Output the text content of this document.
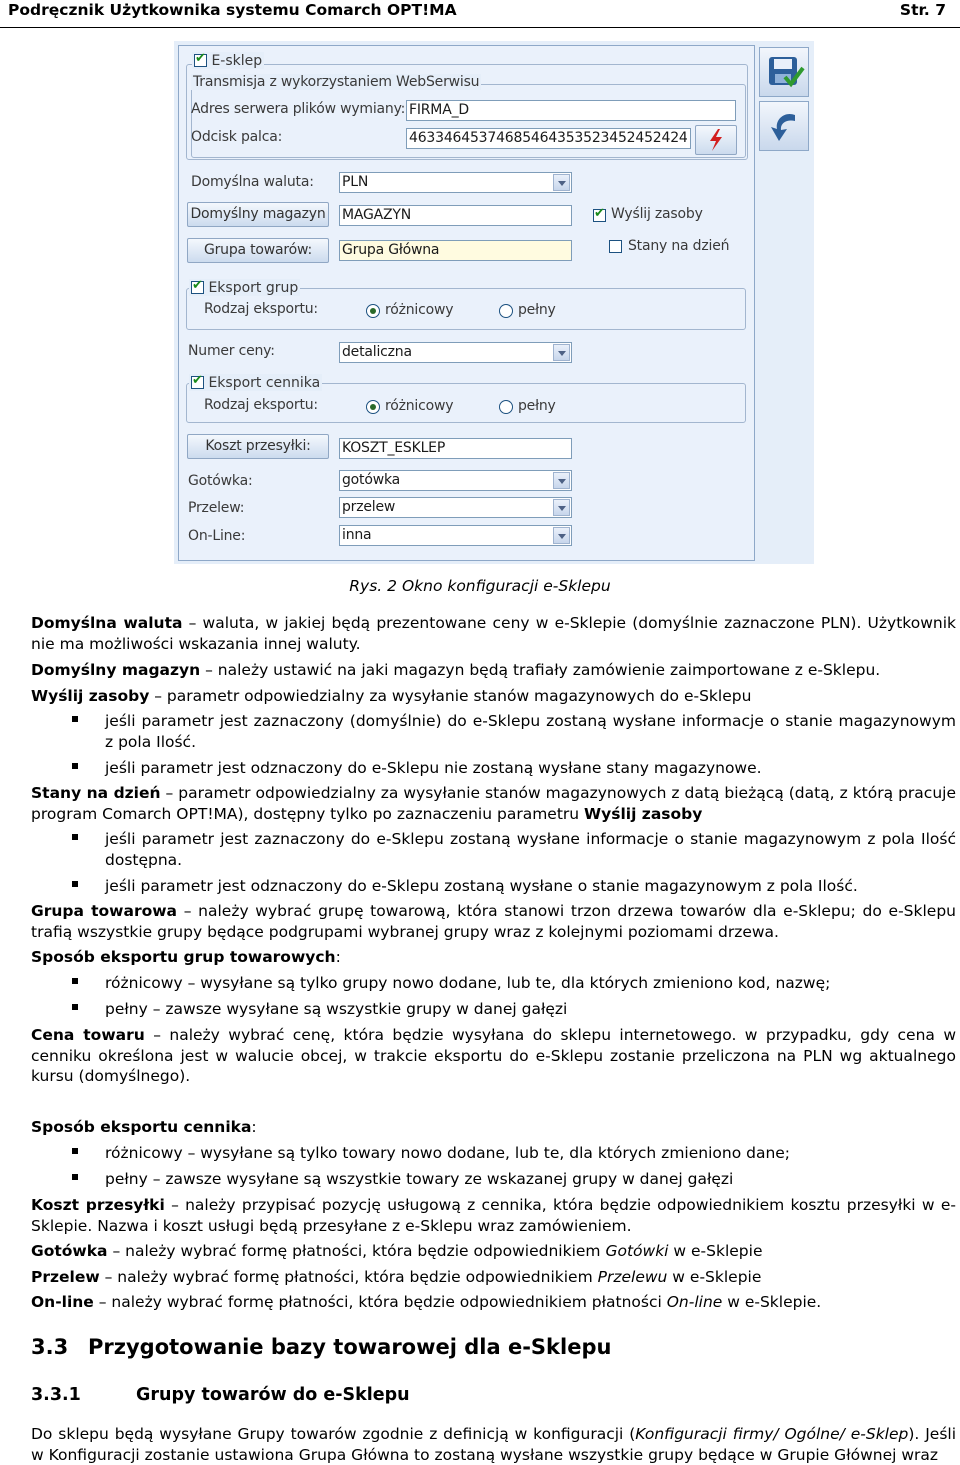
Podręcznik Użytkownika systemu Comarch OPT!MA	Str. 7
✔ E-sklep
Transmisja z wykorzystaniem WebSerwisu
Adres serwera plików wymiany: FIRMA_D
Odcisk palca:	46334645374685464353523452452424
Domyślna waluta: PLN
Domyślny magazyn MAGAZYN
✔	Wyślij zasoby
Grupa towarów:	Grupa Główna	Stany na dzień
✔ Eksport grup
Rodzaj eksportu:	różnicowy	pełny
Numer ceny:	detaliczna
✔ Eksport cennika
Rodzaj eksportu:	różnicowy	pełny
Koszt przesyłki:	KOSZT_ESKLEP
Gotówka:	gotówka
Przelew:	przelew
On-Line:	inna
Rys. 2 Okno konfiguracji e-Sklepu

Domyślna waluta – waluta, w jakiej będą prezentowane ceny w e-Sklepie (domyślnie zaznaczone PLN). Użytkownik nie ma możliwości wskazania innej waluty.

Domyślny magazyn – należy ustawić na jaki magazyn będą trafiały zamówienie zaimportowane z e-Sklepu.

Wyślij zasoby – parametr odpowiedzialny za wysyłanie stanów magazynowych do e-Sklepu

jeśli parametr jest zaznaczony (domyślnie) do e-Sklepu zostaną wysłane informacje o stanie magazynowym z pola Ilość.

jeśli parametr jest odznaczony do e-Sklepu nie zostaną wysłane stany magazynowe.

Stany na dzień – parametr odpowiedzialny za wysyłanie stanów magazynowych z datą bieżącą (datą, z którą pracuje program Comarch OPT!MA), dostępny tylko po zaznaczeniu parametru Wyślij zasoby

jeśli parametr jest zaznaczony do e-Sklepu zostaną wysłane informacje o stanie magazynowym z pola Ilość dostępna.

jeśli parametr jest odznaczony do e-Sklepu zostaną wysłane o stanie magazynowym z pola Ilość.

Grupa towarowa – należy wybrać grupę towarową, która stanowi trzon drzewa towarów dla e-Sklepu; do e-Sklepu trafią wszystkie grupy będące podgrupami wybranej grupy wraz z kolejnymi poziomami drzewa.

Sposób eksportu grup towarowych:

różnicowy – wysyłane są tylko grupy nowo dodane, lub te, dla których zmieniono kod, nazwę;

pełny – zawsze wysyłane są wszystkie grupy w danej gałęzi

Cena towaru – należy wybrać cenę, która będzie wysyłana do sklepu internetowego. w przypadku, gdy cena w cenniku określona jest w walucie obcej, w trakcie eksportu do e-Sklepu zostanie przeliczona na PLN wg aktualnego kursu (domyślnego).

Sposób eksportu cennika:

różnicowy – wysyłane są tylko towary nowo dodane, lub te, dla których zmieniono dane;

pełny – zawsze wysyłane są wszystkie towary ze wskazanej grupy w danej gałęzi

Koszt przesyłki – należy przypisać pozycję usługową z cennika, która będzie odpowiednikiem kosztu przesyłki w e-Sklepie. Nazwa i koszt usługi będą przesyłane z e-Sklepu wraz zamówieniem.

Gotówka – należy wybrać formę płatności, która będzie odpowiednikiem Gotówki w e-Sklepie

Przelew – należy wybrać formę płatności, która będzie odpowiednikiem Przelewu w e-Sklepie

On-line – należy wybrać formę płatności, która będzie odpowiednikiem płatności On-line w e-Sklepie.

3.3 Przygotowanie bazy towarowej dla e-Sklepu
3.3.1	Grupy towarów do e-Sklepu

Do sklepu będą wysyłane Grupy towarów zgodnie z definicją w konfiguracji (Konfiguracji firmy/ Ogólne/ e-Sklep). Jeśli w Konfiguracji zostanie ustawiona Grupa Główna to zostaną wysłane wszystkie grupy będące w Grupie Głównej wraz
